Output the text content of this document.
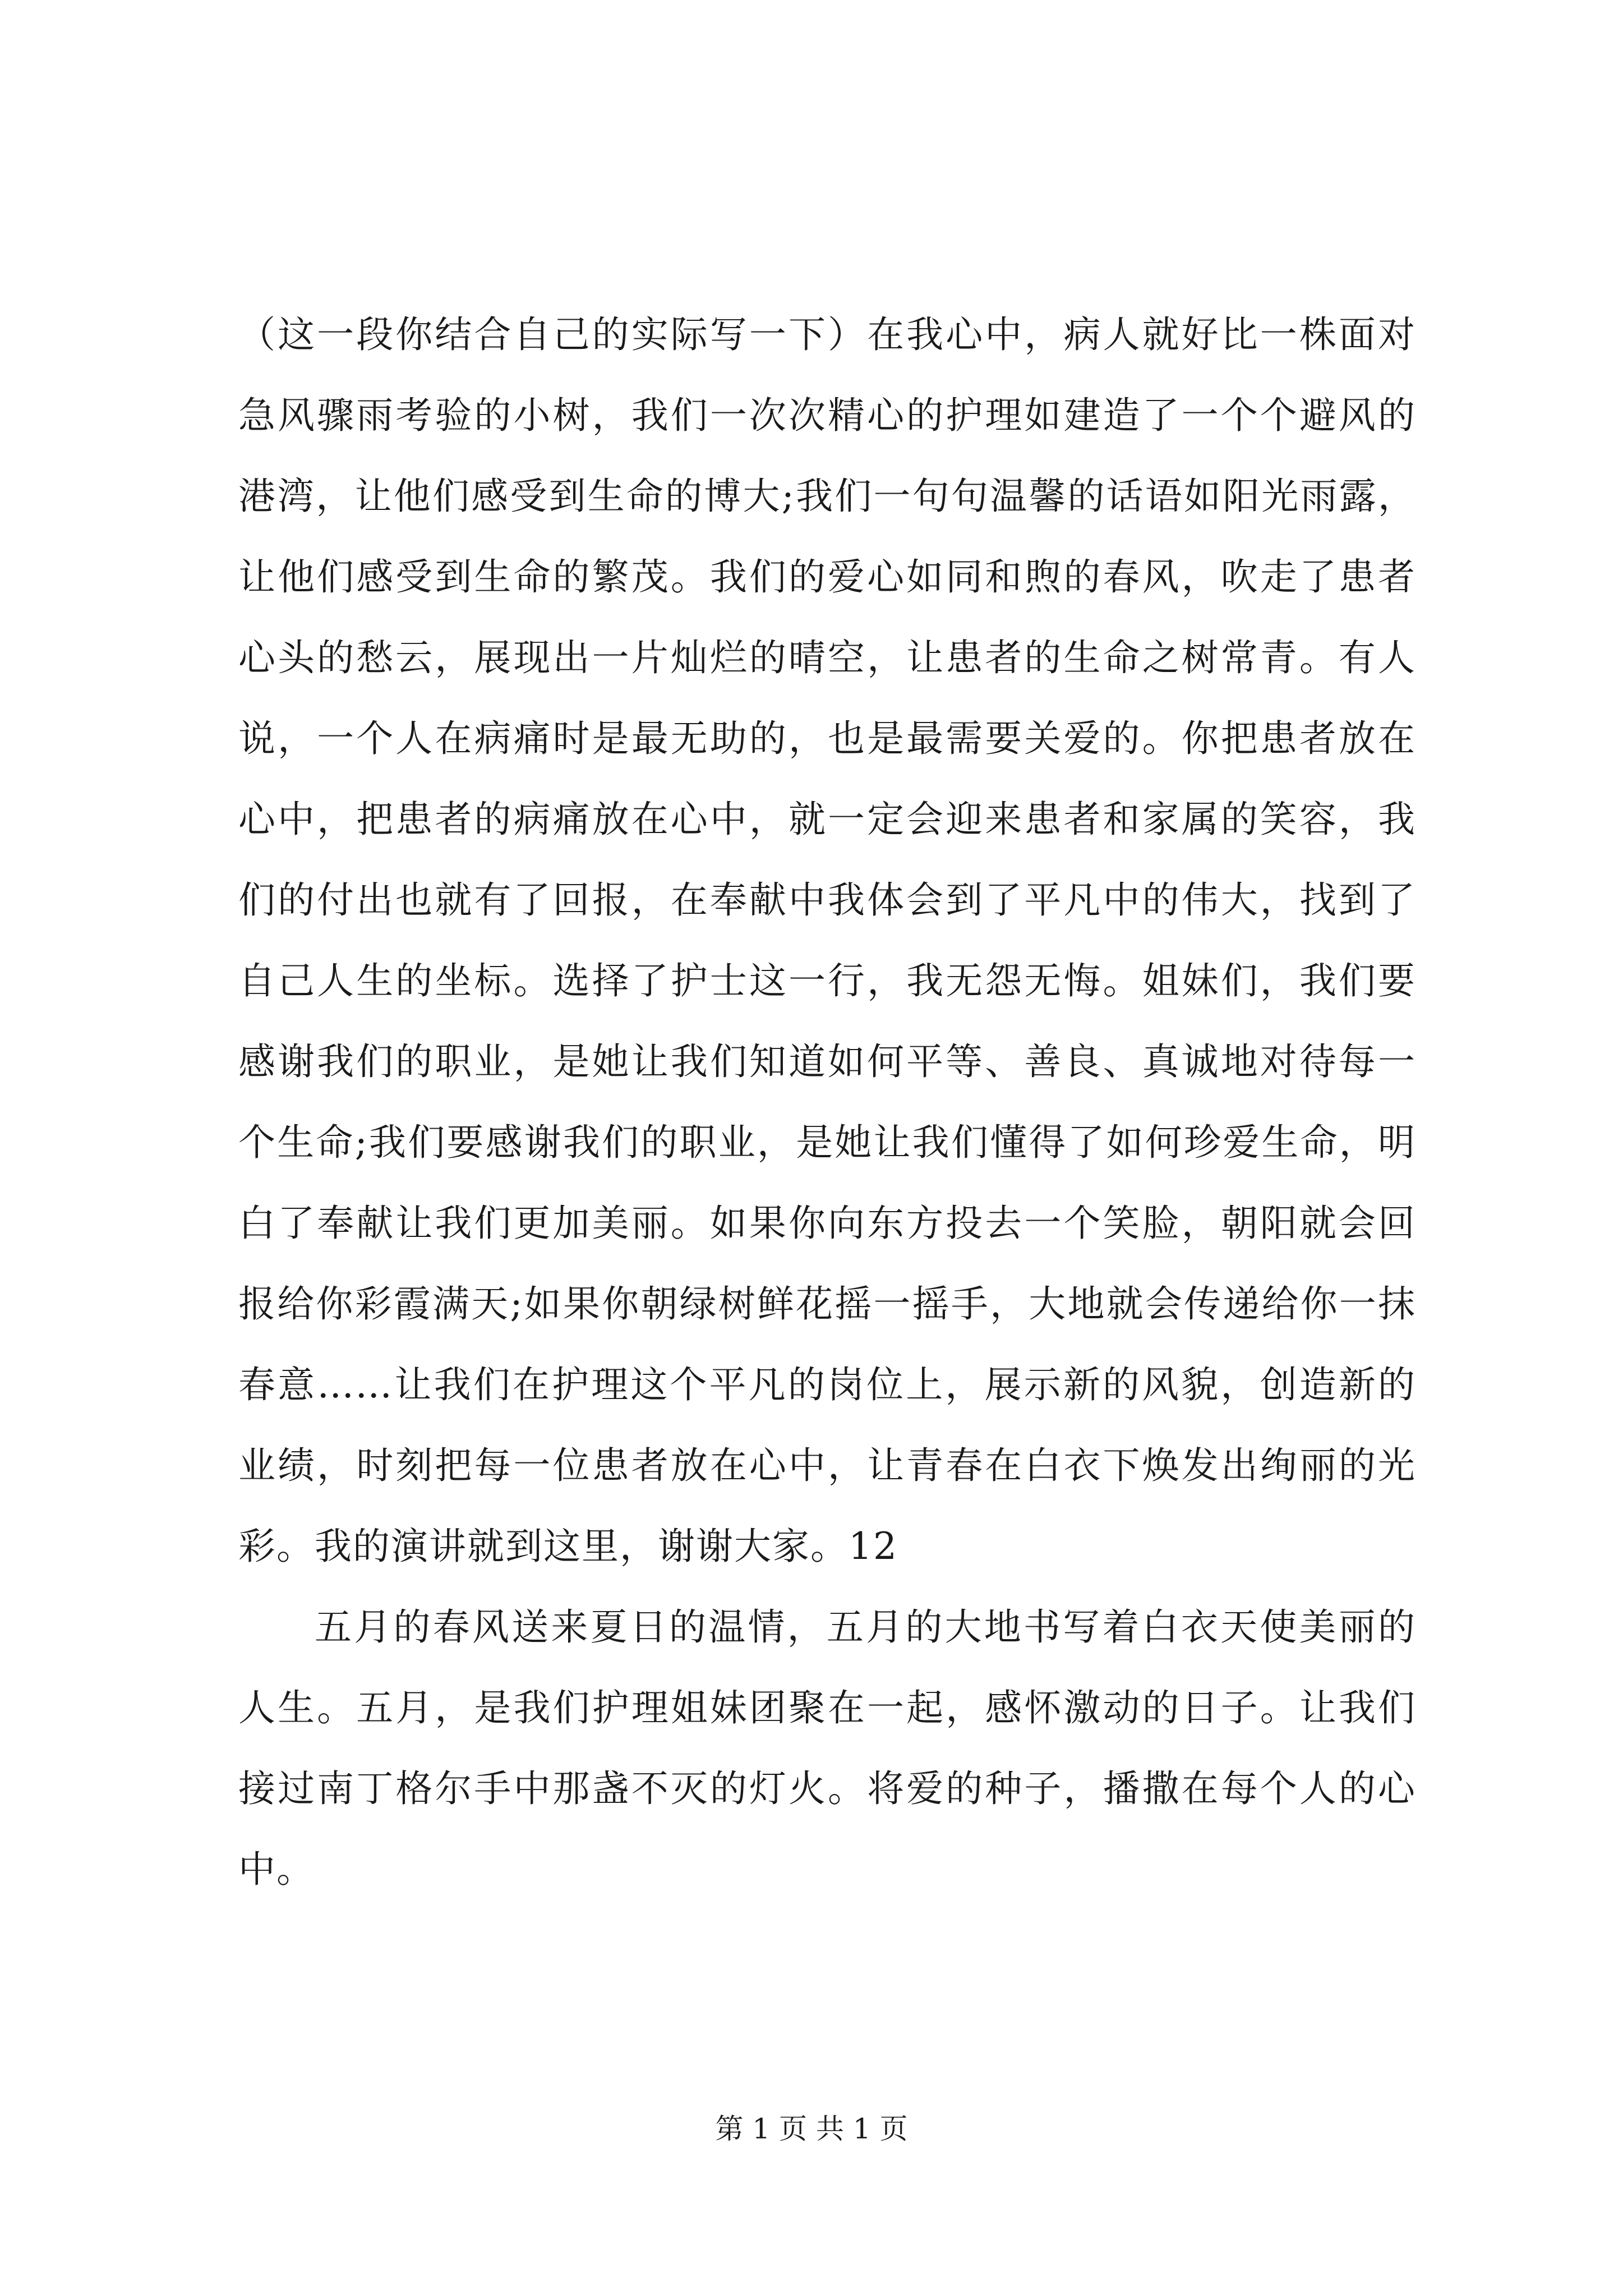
（这一段你结合自己的实际写一下）在我心中，病人就好比一株面对急风骤雨考验的小树，我们一次次精心的护理如建造了一个个避风的港湾，让他们感受到生命的博大;我们一句句温馨的话语如阳光雨露，让他们感受到生命的繁茂。我们的爱心如同和煦的春风，吹走了患者心头的愁云，展现出一片灿烂的晴空，让患者的生命之树常青。有人说，一个人在病痛时是最无助的，也是最需要关爱的。你把患者放在心中，把患者的病痛放在心中，就一定会迎来患者和家属的笑容，我们的付出也就有了回报，在奉献中我体会到了平凡中的伟大，找到了自己人生的坐标。选择了护士这一行，我无怨无悔。姐妹们，我们要感谢我们的职业，是她让我们知道如何平等、善良、真诚地对待每一个生命;我们要感谢我们的职业，是她让我们懂得了如何珍爱生命，明白了奉献让我们更加美丽。如果你向东方投去一个笑脸，朝阳就会回报给你彩霞满天;如果你朝绿树鲜花摇一摇手，大地就会传递给你一抹春意……让我们在护理这个平凡的岗位上，展示新的风貌，创造新的业绩，时刻把每一位患者放在心中，让青春在白衣下焕发出绚丽的光彩。我的演讲就到这里，谢谢大家。12

五月的春风送来夏日的温情，五月的大地书写着白衣天使美丽的人生。五月，是我们护理姐妹团聚在一起，感怀激动的日子。让我们接过南丁格尔手中那盏不灭的灯火。将爱的种子，播撒在每个人的心中。

第 1 页 共 1 页
